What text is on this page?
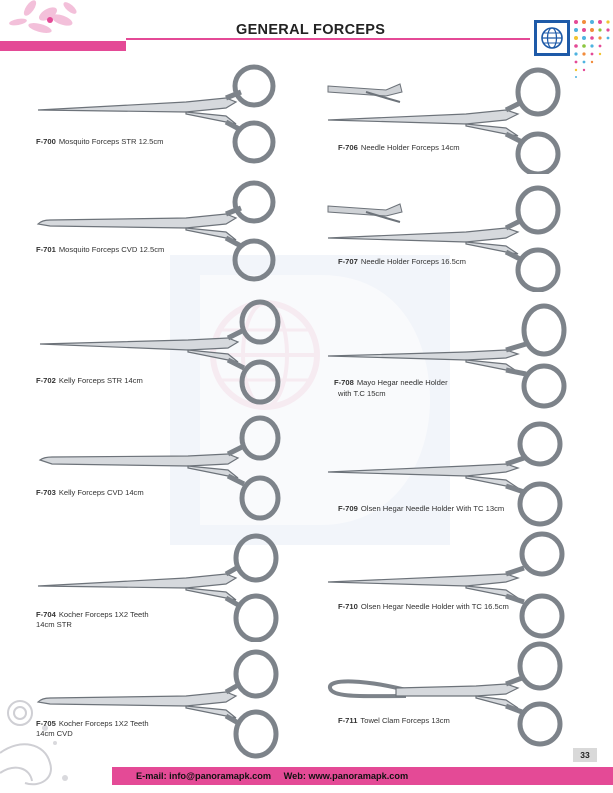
GENERAL FORCEPS
F-700 Mosquito Forceps STR 12.5cm
F-701 Mosquito Forceps CVD 12.5cm
F-702 Kelly Forceps STR 14cm
F-703 Kelly Forceps CVD 14cm
F-704 Kocher Forceps 1X2 Teeth
14cm STR
F-705 Kocher Forceps 1X2 Teeth
14cm CVD
F-706 Needle Holder Forceps 14cm
F-707 Needle Holder Forceps 16.5cm
F-708 Mayo Hegar needle Holder
with T.C 15cm
F-709 Olsen Hegar Needle Holder With TC 13cm
F-710 Olsen Hegar Needle Holder with TC 16.5cm
F-711 Towel Clam Forceps 13cm
33
E-mail: info@panoramapk.com Web: www.panoramapk.com
